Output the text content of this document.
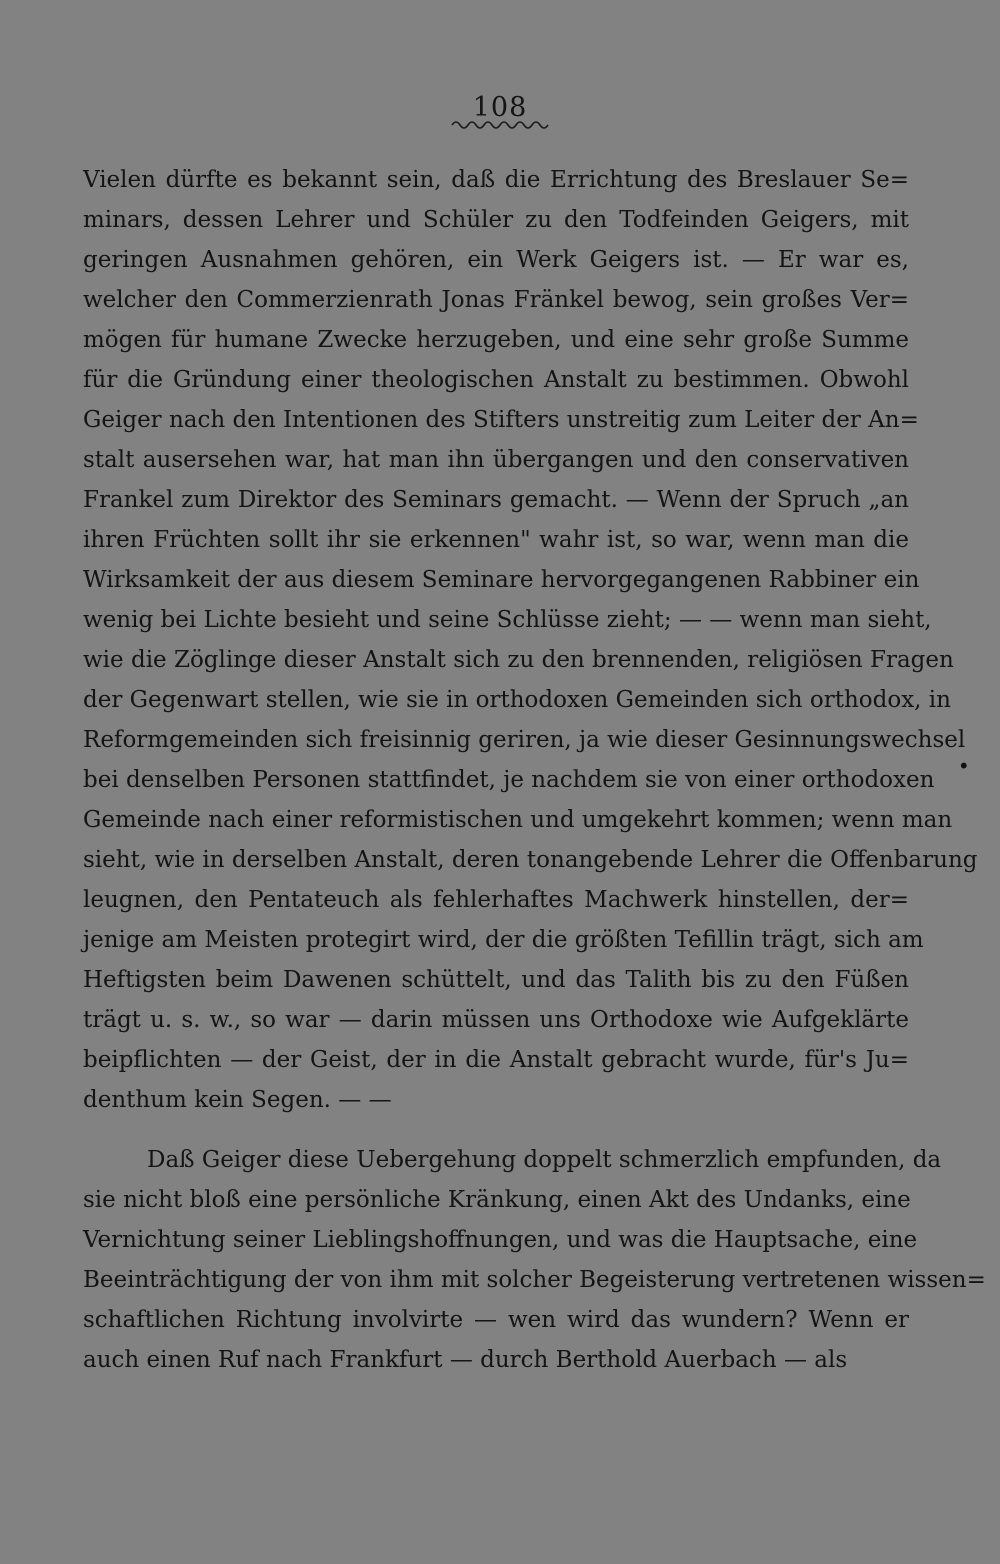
108
Vielen dürfte es bekannt sein, daß die Errichtung des Breslauer Se=
minars, dessen Lehrer und Schüler zu den Todfeinden Geigers, mit
geringen Ausnahmen gehören, ein Werk Geigers ist. — Er war es,
welcher den Commerzienrath Jonas Fränkel bewog, sein großes Ver=
mögen für humane Zwecke herzugeben, und eine sehr große Summe
für die Gründung einer theologischen Anstalt zu bestimmen. Obwohl
Geiger nach den Intentionen des Stifters unstreitig zum Leiter der An=
stalt ausersehen war, hat man ihn übergangen und den conservativen
Frankel zum Direktor des Seminars gemacht. — Wenn der Spruch „an
ihren Früchten sollt ihr sie erkennen" wahr ist, so war, wenn man die
Wirksamkeit der aus diesem Seminare hervorgegangenen Rabbiner ein
wenig bei Lichte besieht und seine Schlüsse zieht; — — wenn man sieht,
wie die Zöglinge dieser Anstalt sich zu den brennenden, religiösen Fragen
der Gegenwart stellen, wie sie in orthodoxen Gemeinden sich orthodox, in
Reformgemeinden sich freisinnig geriren, ja wie dieser Gesinnungswechsel
bei denselben Personen stattfindet, je nachdem sie von einer orthodoxen
Gemeinde nach einer reformistischen und umgekehrt kommen; wenn man
sieht, wie in derselben Anstalt, deren tonangebende Lehrer die Offenbarung
leugnen, den Pentateuch als fehlerhaftes Machwerk hinstellen, der=
jenige am Meisten protegirt wird, der die größten Tefillin trägt, sich am
Heftigsten beim Dawenen schüttelt, und das Talith bis zu den Füßen
trägt u. s. w., so war — darin müssen uns Orthodoxe wie Aufgeklärte
beipflichten — der Geist, der in die Anstalt gebracht wurde, für's Ju=
denthum kein Segen. — —
Daß Geiger diese Uebergehung doppelt schmerzlich empfunden, da
sie nicht bloß eine persönliche Kränkung, einen Akt des Undanks, eine
Vernichtung seiner Lieblingshoffnungen, und was die Hauptsache, eine
Beeinträchtigung der von ihm mit solcher Begeisterung vertretenen wissen=
schaftlichen Richtung involvirte — wen wird das wundern? Wenn er
auch einen Ruf nach Frankfurt — durch Berthold Auerbach — als
•
